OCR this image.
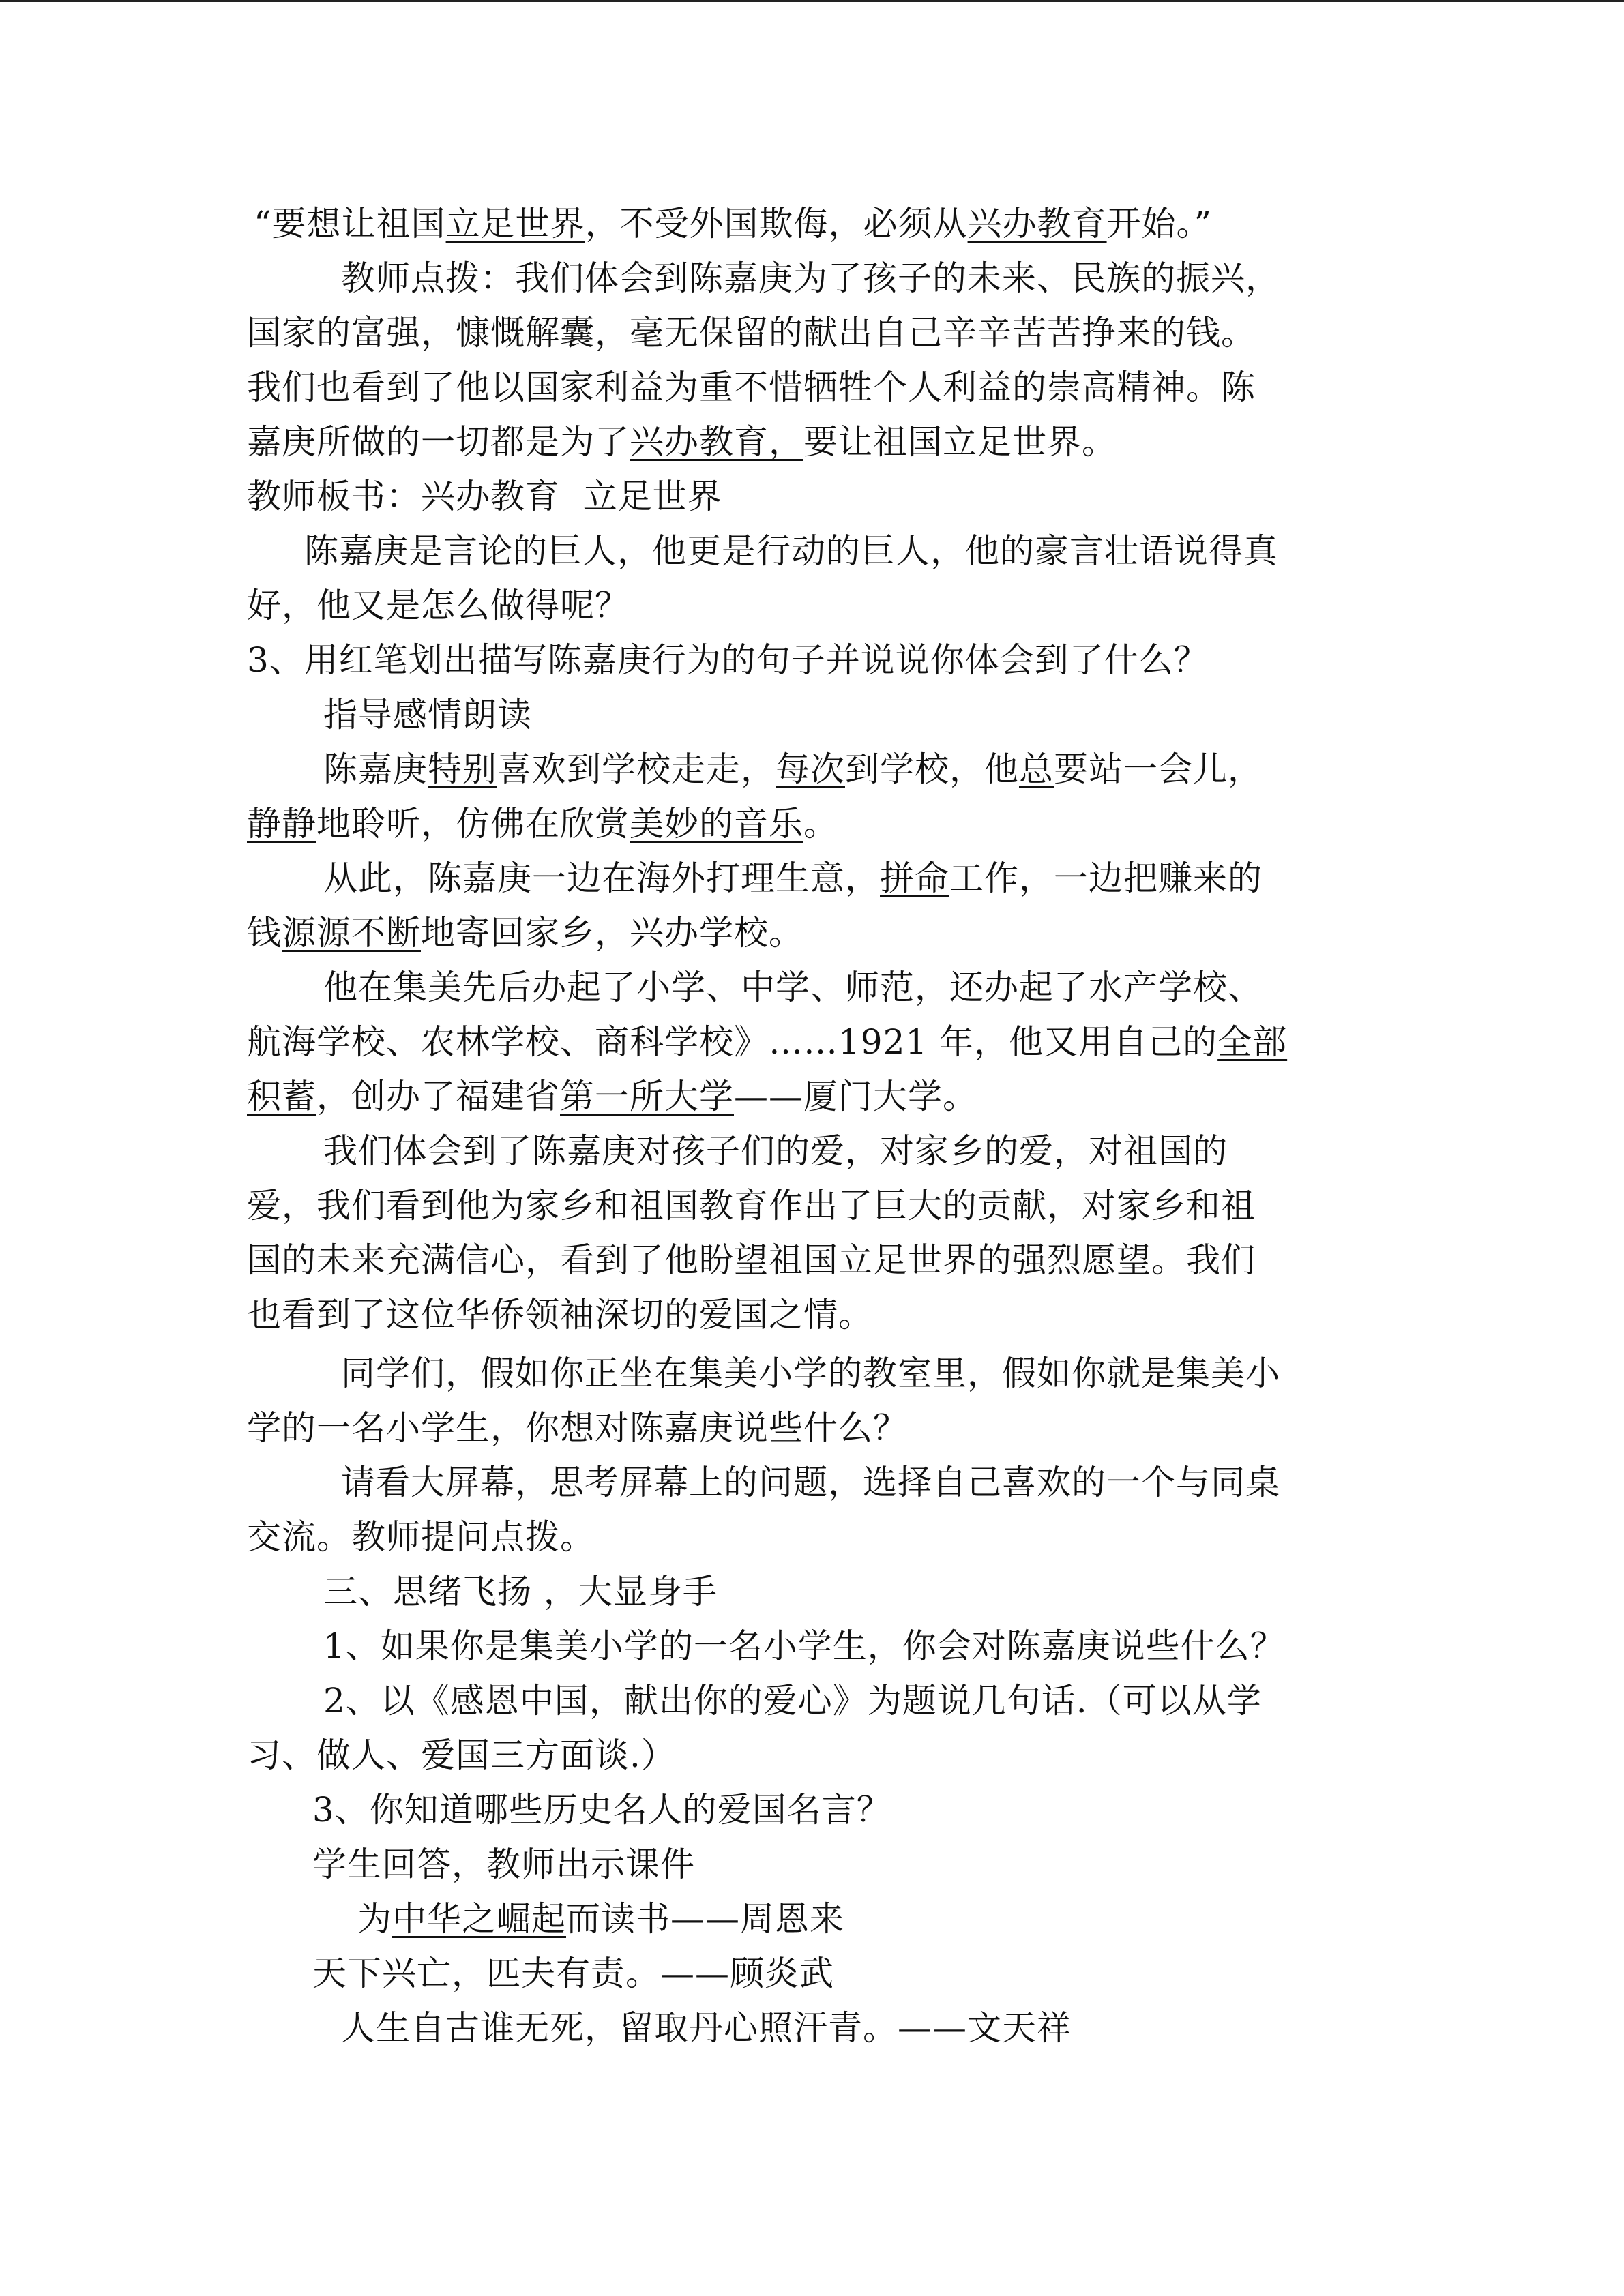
“要想让祖国立足世界，不受外国欺侮，必须从兴办教育开始。”
教师点拨：我们体会到陈嘉庚为了孩子的未来、民族的振兴，
国家的富强，慷慨解囊，毫无保留的献出自己辛辛苦苦挣来的钱。
我们也看到了他以国家利益为重不惜牺牲个人利益的崇高精神。陈
嘉庚所做的一切都是为了兴办教育，要让祖国立足世界。
教师板书：兴办教育  立足世界
陈嘉庚是言论的巨人，他更是行动的巨人，他的豪言壮语说得真
好，他又是怎么做得呢？
3、用红笔划出描写陈嘉庚行为的句子并说说你体会到了什么？
指导感情朗读
陈嘉庚特别喜欢到学校走走，每次到学校，他总要站一会儿，
静静地聆听，仿佛在欣赏美妙的音乐。
从此，陈嘉庚一边在海外打理生意，拼命工作，一边把赚来的
钱源源不断地寄回家乡，兴办学校。
他在集美先后办起了小学、中学、师范，还办起了水产学校、
航海学校、农林学校、商科学校》……1921 年，他又用自己的全部
积蓄，创办了福建省第一所大学——厦门大学。
我们体会到了陈嘉庚对孩子们的爱，对家乡的爱，对祖国的
爱，我们看到他为家乡和祖国教育作出了巨大的贡献，对家乡和祖
国的未来充满信心，看到了他盼望祖国立足世界的强烈愿望。我们
也看到了这位华侨领袖深切的爱国之情。
同学们，假如你正坐在集美小学的教室里，假如你就是集美小
学的一名小学生，你想对陈嘉庚说些什么？
请看大屏幕，思考屏幕上的问题，选择自己喜欢的一个与同桌
交流。教师提问点拨。
三、思绪飞扬 ，大显身手
1、如果你是集美小学的一名小学生，你会对陈嘉庚说些什么？
2、以《感恩中国，献出你的爱心》为题说几句话.（可以从学
习、做人、爱国三方面谈.）
3、你知道哪些历史名人的爱国名言？
学生回答，教师出示课件
为中华之崛起而读书——周恩来
天下兴亡，匹夫有责。——顾炎武
人生自古谁无死，留取丹心照汗青。——文天祥
